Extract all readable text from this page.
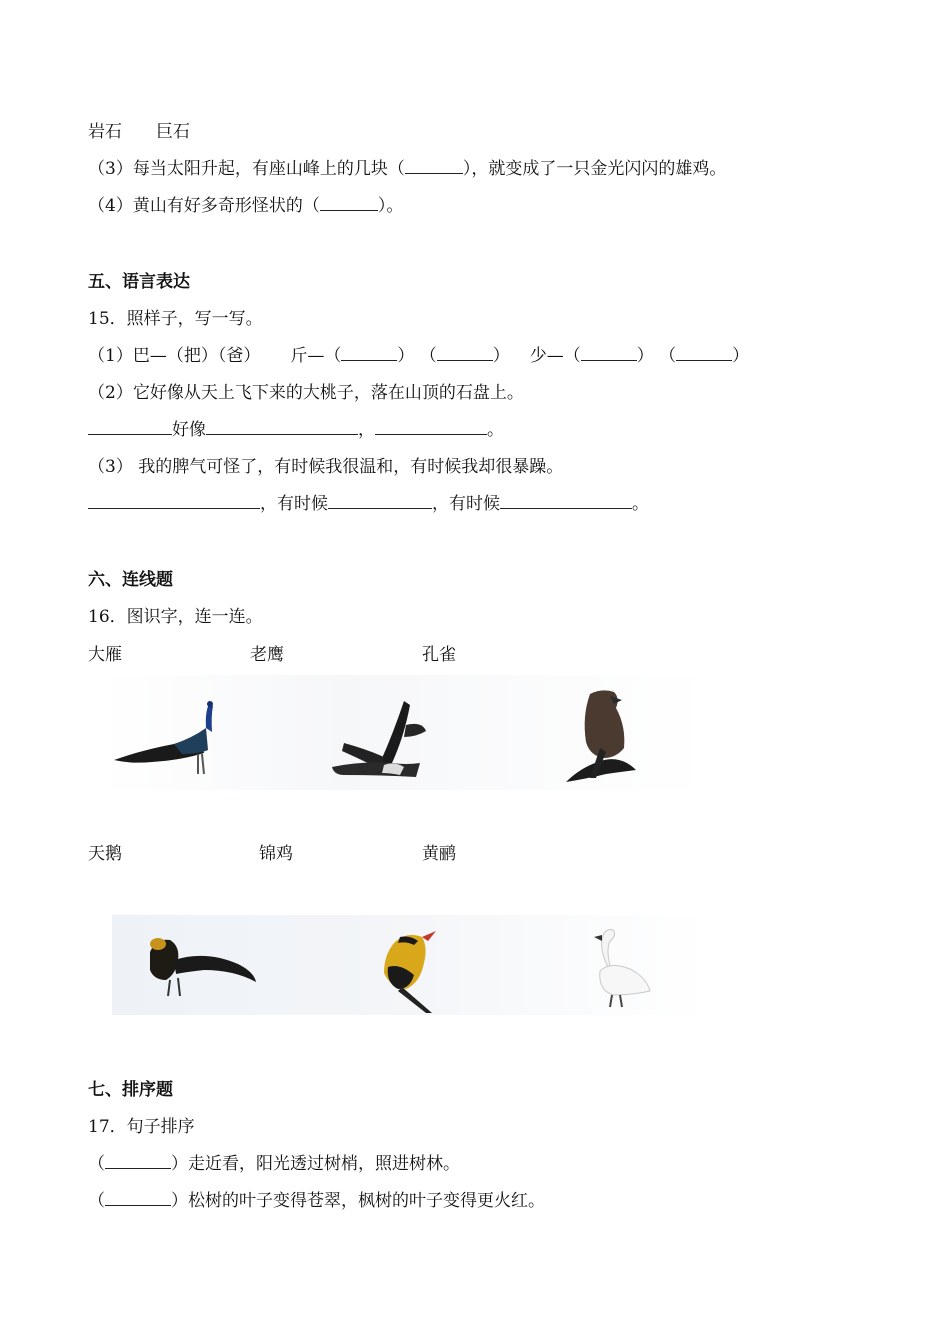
岩石　　巨石
（3）每当太阳升起，有座山峰上的几块（	），就变成了一只金光闪闪的雄鸡。
（4）黄山有好多奇形怪状的（	）。
五、语言表达
15．照样子，写一写。
（1）巴—（把）（爸） 斤—（	） （	） 少—（	） （	）
（2）它好像从天上飞下来的大桃子，落在山顶的石盘上。
好像	，	。
（3） 我的脾气可怪了，有时候我很温和，有时候我却很暴躁。
，有时候	，有时候	。
六、连线题
16．图识字，连一连。
大雁	老鹰	孔雀
天鹅	锦鸡	黄鹂
七、排序题
17．句子排序
（	）走近看，阳光透过树梢，照进树林。
（	）松树的叶子变得苍翠，枫树的叶子变得更火红。
